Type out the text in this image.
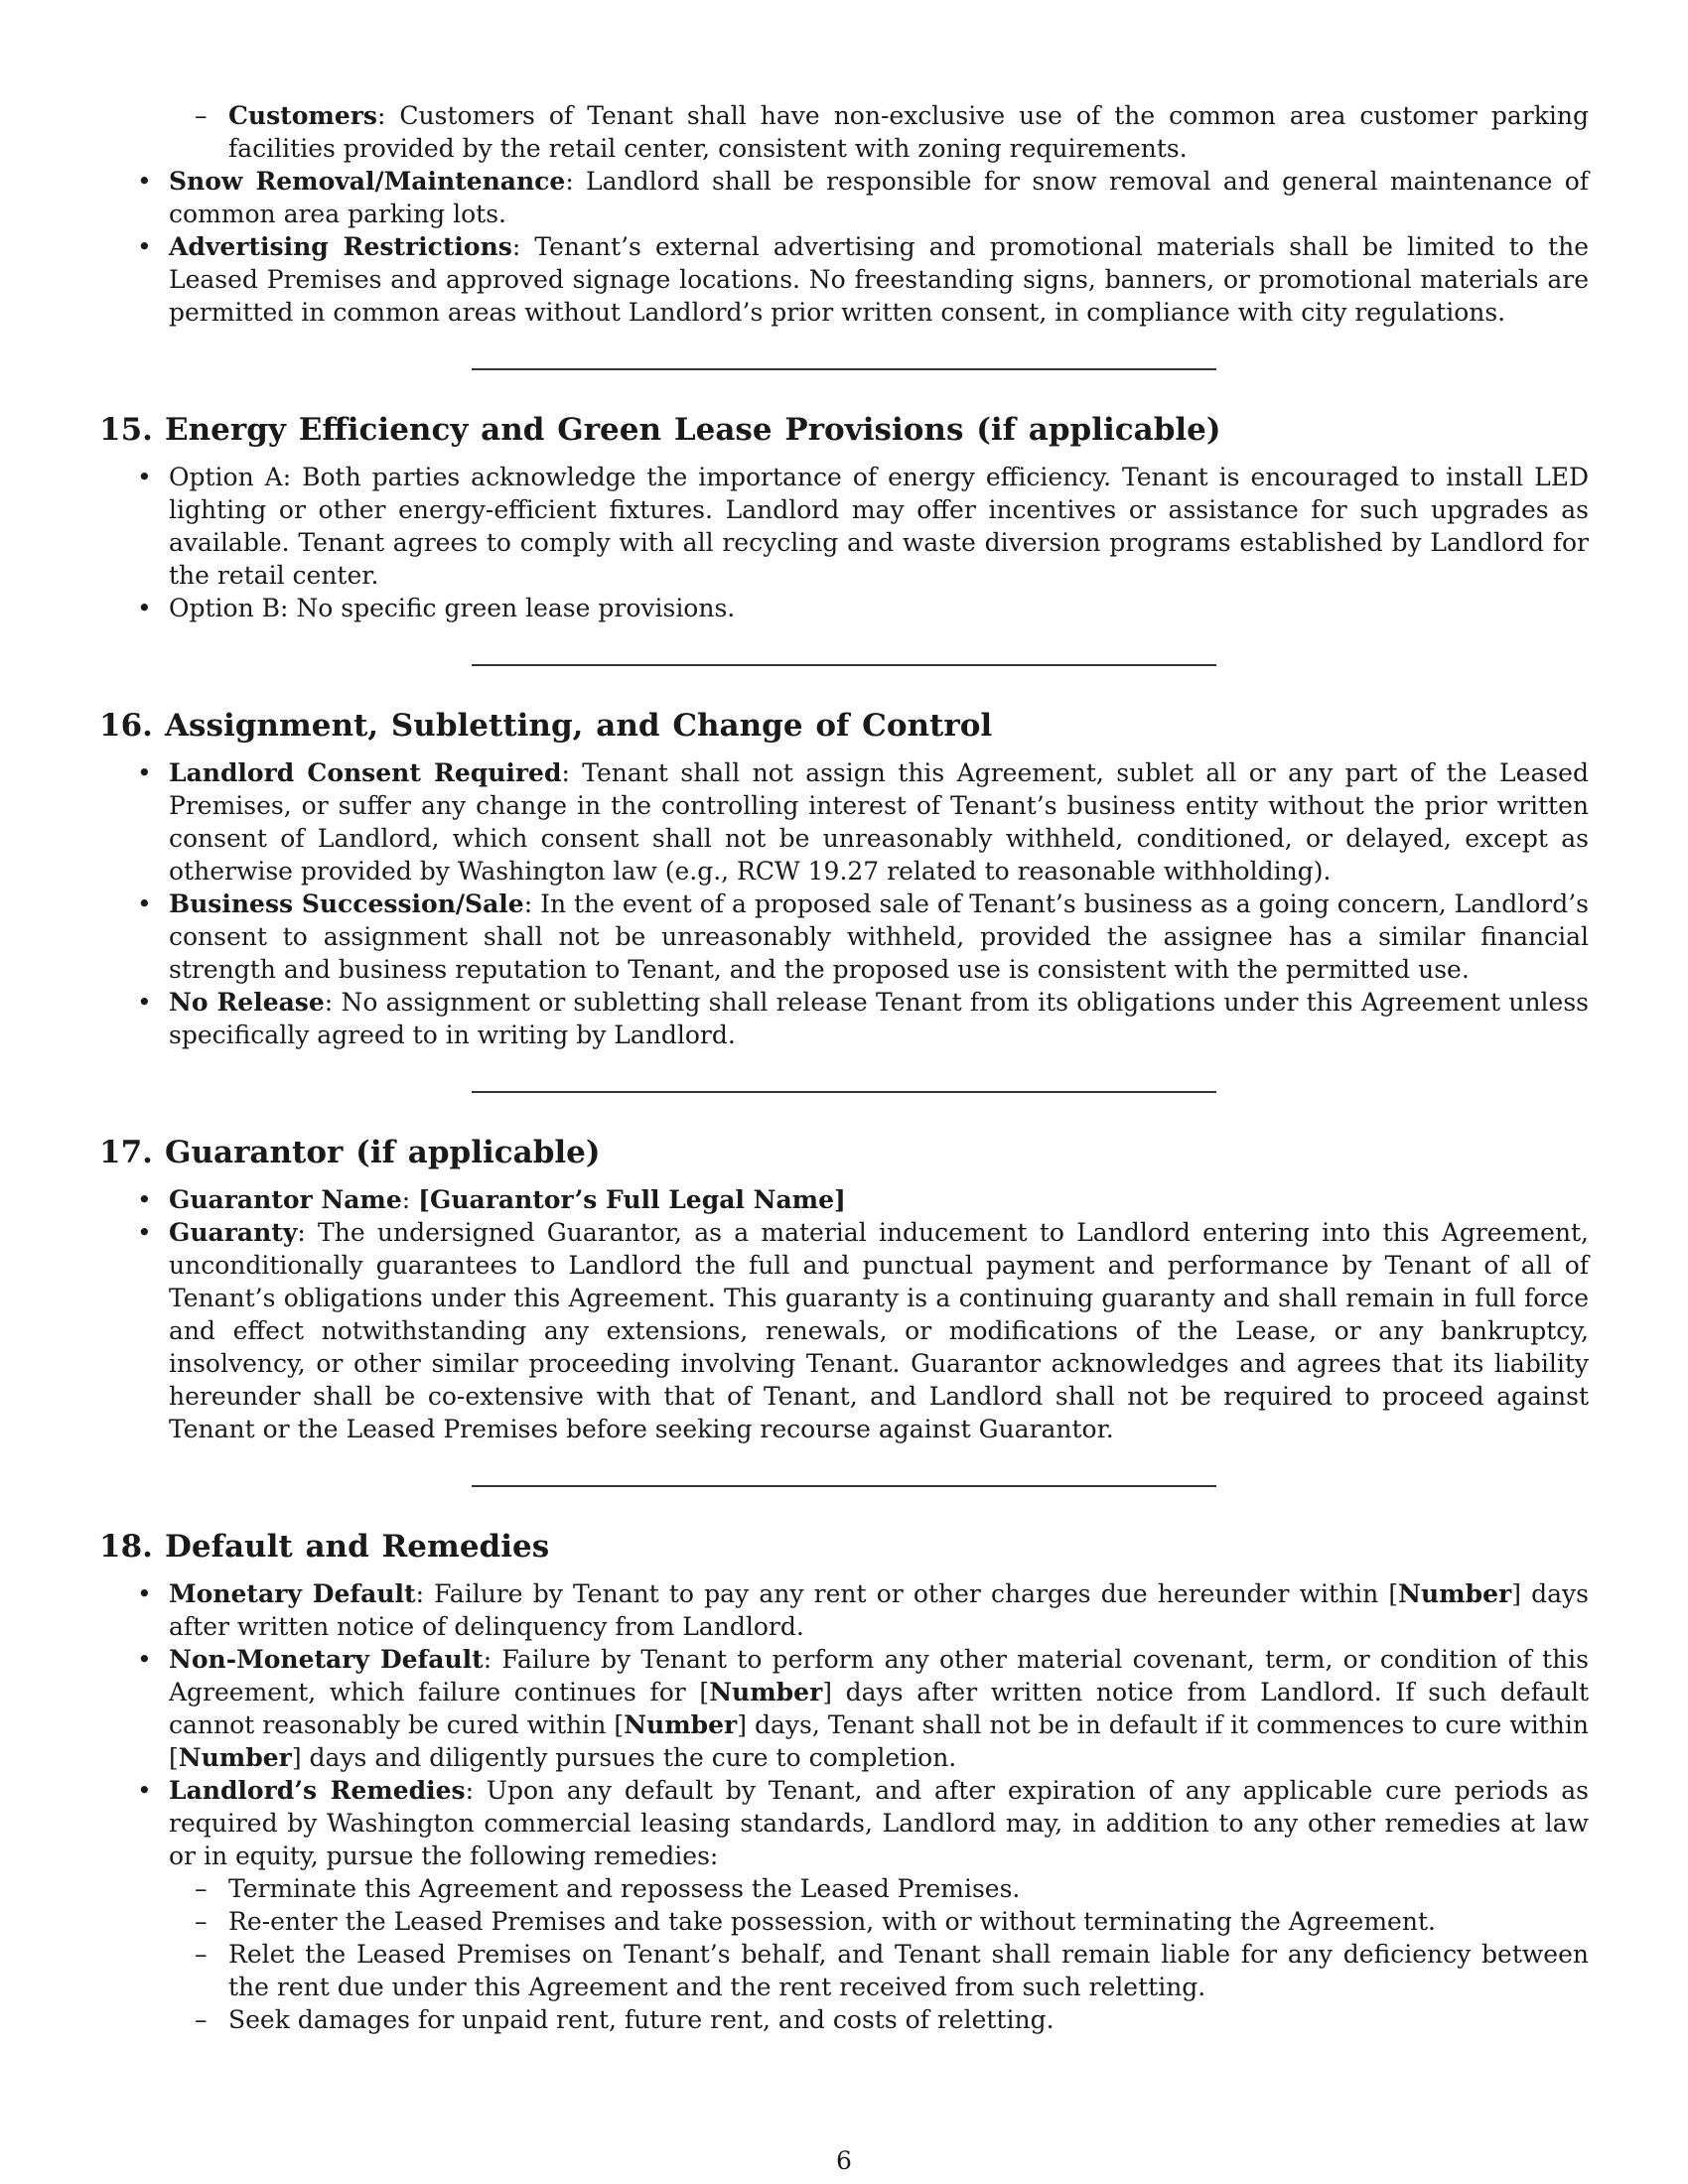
– Customers: Customers of Tenant shall have non-exclusive use of the common area customer parking facilities provided by the retail center, consistent with zoning requirements.
• Snow Removal/Maintenance: Landlord shall be responsible for snow removal and general maintenance of common area parking lots.
• Advertising Restrictions: Tenant’s external advertising and promotional materials shall be limited to the Leased Premises and approved signage locations. No freestanding signs, banners, or promotional materials are permitted in common areas without Landlord’s prior written consent, in compliance with city regulations.
15. Energy Efficiency and Green Lease Provisions (if applicable)
• Option A: Both parties acknowledge the importance of energy efficiency. Tenant is encouraged to install LED lighting or other energy-efficient fixtures. Landlord may offer incentives or assistance for such upgrades as available. Tenant agrees to comply with all recycling and waste diversion programs established by Landlord for the retail center.
• Option B: No specific green lease provisions.
16. Assignment, Subletting, and Change of Control
• Landlord Consent Required: Tenant shall not assign this Agreement, sublet all or any part of the Leased Premises, or suffer any change in the controlling interest of Tenant’s business entity without the prior written consent of Landlord, which consent shall not be unreasonably withheld, conditioned, or delayed, except as otherwise provided by Washington law (e.g., RCW 19.27 related to reasonable withholding).
• Business Succession/Sale: In the event of a proposed sale of Tenant’s business as a going concern, Landlord’s consent to assignment shall not be unreasonably withheld, provided the assignee has a similar financial strength and business reputation to Tenant, and the proposed use is consistent with the permitted use.
• No Release: No assignment or subletting shall release Tenant from its obligations under this Agreement unless specifically agreed to in writing by Landlord.
17. Guarantor (if applicable)
• Guarantor Name: [Guarantor’s Full Legal Name]
• Guaranty: The undersigned Guarantor, as a material inducement to Landlord entering into this Agreement, unconditionally guarantees to Landlord the full and punctual payment and performance by Tenant of all of Tenant’s obligations under this Agreement. This guaranty is a continuing guaranty and shall remain in full force and effect notwithstanding any extensions, renewals, or modifications of the Lease, or any bankruptcy, insolvency, or other similar proceeding involving Tenant. Guarantor acknowledges and agrees that its liability hereunder shall be co-extensive with that of Tenant, and Landlord shall not be required to proceed against Tenant or the Leased Premises before seeking recourse against Guarantor.
18. Default and Remedies
• Monetary Default: Failure by Tenant to pay any rent or other charges due hereunder within [Number] days after written notice of delinquency from Landlord.
• Non-Monetary Default: Failure by Tenant to perform any other material covenant, term, or condition of this Agreement, which failure continues for [Number] days after written notice from Landlord. If such default cannot reasonably be cured within [Number] days, Tenant shall not be in default if it commences to cure within [Number] days and diligently pursues the cure to completion.
• Landlord’s Remedies: Upon any default by Tenant, and after expiration of any applicable cure periods as required by Washington commercial leasing standards, Landlord may, in addition to any other remedies at law or in equity, pursue the following remedies:
– Terminate this Agreement and repossess the Leased Premises.
– Re-enter the Leased Premises and take possession, with or without terminating the Agreement.
– Relet the Leased Premises on Tenant’s behalf, and Tenant shall remain liable for any deficiency between the rent due under this Agreement and the rent received from such reletting.
– Seek damages for unpaid rent, future rent, and costs of reletting.
6
